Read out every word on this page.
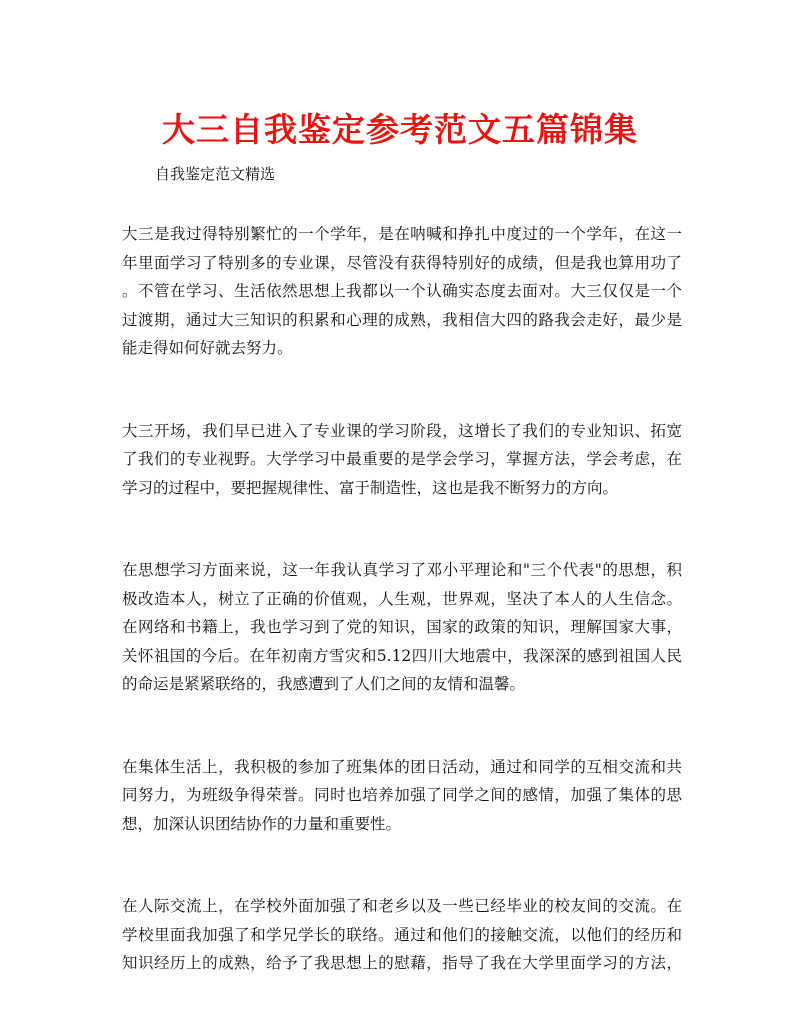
大三自我鉴定参考范文五篇锦集
自我鉴定范文精选

大三是我过得特别繁忙的一个学年，是在呐喊和挣扎中度过的一个学年，在这一
年里面学习了特别多的专业课，尽管没有获得特别好的成绩，但是我也算用功了
。不管在学习、生活依然思想上我都以一个认确实态度去面对。大三仅仅是一个
过渡期，通过大三知识的积累和心理的成熟，我相信大四的路我会走好，最少是
能走得如何好就去努力。

大三开场，我们早已进入了专业课的学习阶段，这增长了我们的专业知识、拓宽
了我们的专业视野。大学学习中最重要的是学会学习，掌握方法，学会考虑，在
学习的过程中，要把握规律性、富于制造性，这也是我不断努力的方向。

在思想学习方面来说，这一年我认真学习了邓小平理论和"三个代表"的思想，积
极改造本人，树立了正确的价值观，人生观，世界观，坚决了本人的人生信念。
在网络和书籍上，我也学习到了党的知识，国家的政策的知识，理解国家大事，
关怀祖国的今后。在年初南方雪灾和5.12四川大地震中，我深深的感到祖国人民
的命运是紧紧联络的，我感遭到了人们之间的友情和温馨。

在集体生活上，我积极的参加了班集体的团日活动，通过和同学的互相交流和共
同努力，为班级争得荣誉。同时也培养加强了同学之间的感情，加强了集体的思
想，加深认识团结协作的力量和重要性。

在人际交流上，在学校外面加强了和老乡以及一些已经毕业的校友间的交流。在
学校里面我加强了和学兄学长的联络。通过和他们的接触交流，以他们的经历和
知识经历上的成熟，给予了我思想上的慰藉，指导了我在大学里面学习的方法，
